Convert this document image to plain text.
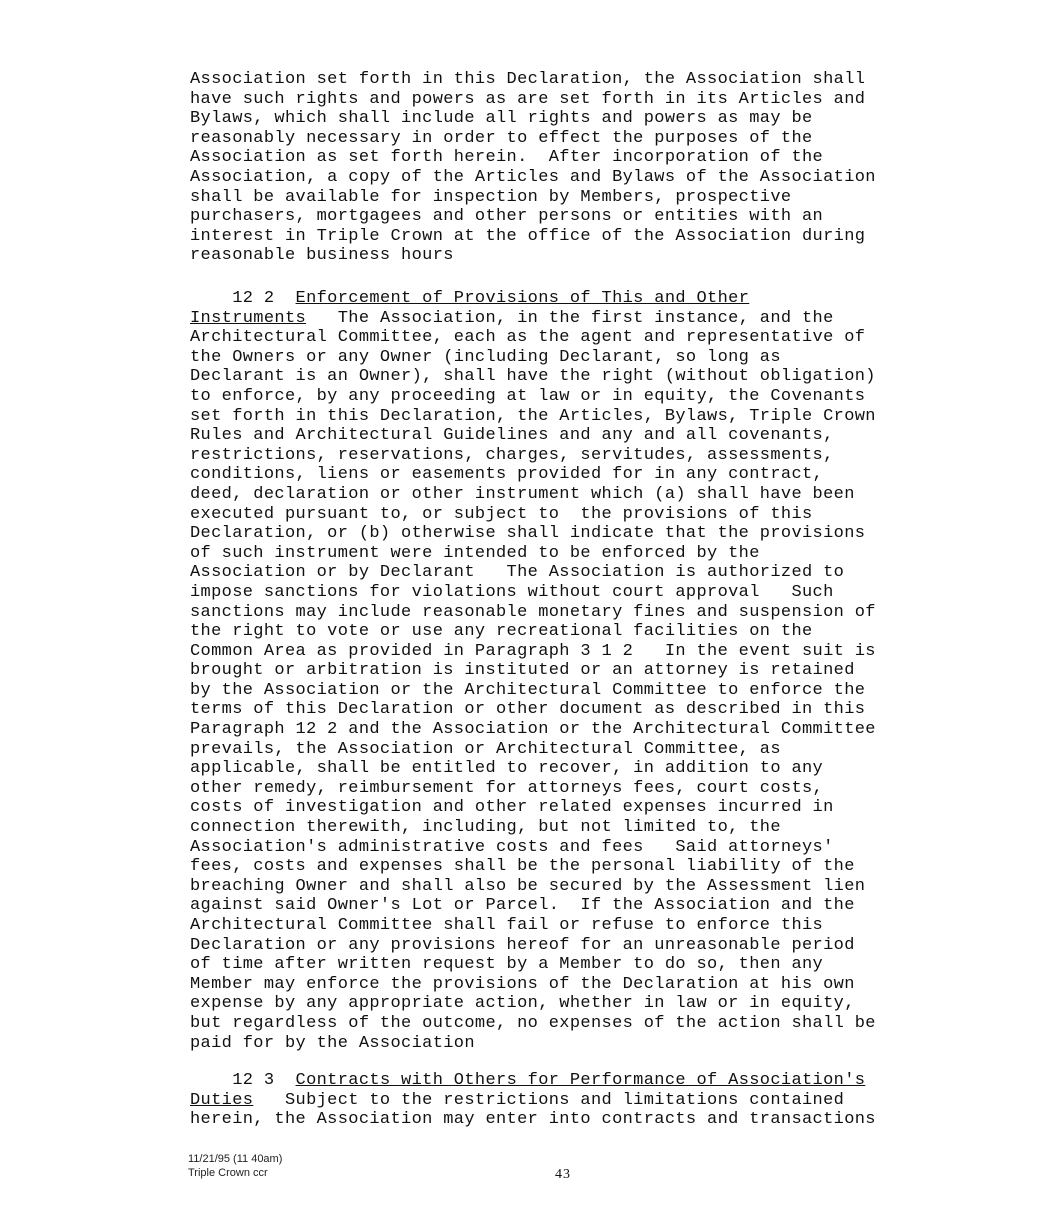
Association set forth in this Declaration, the Association shall
have such rights and powers as are set forth in its Articles and
Bylaws, which shall include all rights and powers as may be
reasonably necessary in order to effect the purposes of the
Association as set forth herein.  After incorporation of the
Association, a copy of the Articles and Bylaws of the Association
shall be available for inspection by Members, prospective
purchasers, mortgagees and other persons or entities with an
interest in Triple Crown at the office of the Association during
reasonable business hours

12 2  Enforcement of Provisions of This and Other
Instruments   The Association, in the first instance, and the
Architectural Committee, each as the agent and representative of
the Owners or any Owner (including Declarant, so long as
Declarant is an Owner), shall have the right (without obligation)
to enforce, by any proceeding at law or in equity, the Covenants
set forth in this Declaration, the Articles, Bylaws, Triple Crown
Rules and Architectural Guidelines and any and all covenants,
restrictions, reservations, charges, servitudes, assessments,
conditions, liens or easements provided for in any contract,
deed, declaration or other instrument which (a) shall have been
executed pursuant to, or subject to  the provisions of this
Declaration, or (b) otherwise shall indicate that the provisions
of such instrument were intended to be enforced by the
Association or by Declarant   The Association is authorized to
impose sanctions for violations without court approval   Such
sanctions may include reasonable monetary fines and suspension of
the right to vote or use any recreational facilities on the
Common Area as provided in Paragraph 3 1 2   In the event suit is
brought or arbitration is instituted or an attorney is retained
by the Association or the Architectural Committee to enforce the
terms of this Declaration or other document as described in this
Paragraph 12 2 and the Association or the Architectural Committee
prevails, the Association or Architectural Committee, as
applicable, shall be entitled to recover, in addition to any
other remedy, reimbursement for attorneys fees, court costs,
costs of investigation and other related expenses incurred in
connection therewith, including, but not limited to, the
Association's administrative costs and fees   Said attorneys'
fees, costs and expenses shall be the personal liability of the
breaching Owner and shall also be secured by the Assessment lien
against said Owner's Lot or Parcel.  If the Association and the
Architectural Committee shall fail or refuse to enforce this
Declaration or any provisions hereof for an unreasonable period
of time after written request by a Member to do so, then any
Member may enforce the provisions of the Declaration at his own
expense by any appropriate action, whether in law or in equity,
but regardless of the outcome, no expenses of the action shall be
paid for by the Association

12 3  Contracts with Others for Performance of Association's
Duties   Subject to the restrictions and limitations contained
herein, the Association may enter into contracts and transactions

11/21/95 (11 40am)
Triple Crown ccr	43
